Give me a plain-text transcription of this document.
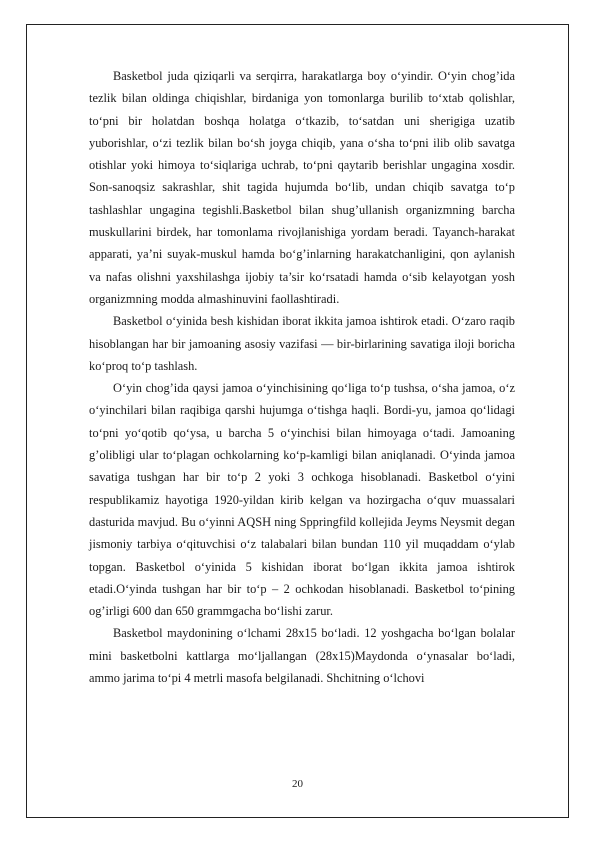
Basketbol juda qiziqarli va serqirra, harakatlarga boy o‘yindir. O‘yin chog’ida tezlik bilan oldinga chiqishlar, birdaniga yon tomonlarga burilib to‘xtab qolishlar, to‘pni bir holatdan boshqa holatga o‘tkazib, to‘satdan uni sherigiga uzatib yuborishlar, o‘zi tezlik bilan bo‘sh joyga chiqib, yana o‘sha to‘pni ilib olib savatga otishlar yoki himoya to‘siqlariga uchrab, to‘pni qaytarib berishlar ungagina xosdir. Son-sanoqsiz sakrashlar, shit tagida hujumda bo‘lib, undan chiqib savatga to‘p tashlashlar ungagina tegishli.Basketbol bilan shug’ullanish organizmning barcha muskullarini birdek, har tomonlama rivojlanishiga yordam beradi. Tayanch-harakat apparati, ya’ni suyak-muskul hamda bo‘g’inlarning harakatchanligini, qon aylanish va nafas olishni yaxshilashga ijobiy ta’sir ko‘rsatadi hamda o‘sib kelayotgan yosh organizmning modda almashinuvini faollashtiradi.

Basketbol o‘yinida besh kishidan iborat ikkita jamoa ishtirok etadi. O‘zaro raqib hisoblangan har bir jamoaning asosiy vazifasi — bir-birlarining savatiga iloji boricha ko‘proq to‘p tashlash.

O‘yin chog’ida qaysi jamoa o‘yinchisining qo‘liga to‘p tushsa, o‘sha jamoa, o‘z o‘yinchilari bilan raqibiga qarshi hujumga o‘tishga haqli. Bordi-yu, jamoa qo‘lidagi to‘pni yo‘qotib qo‘ysa, u barcha 5 o‘yinchisi bilan himoyaga o‘tadi. Jamoaning g’olibligi ular to‘plagan ochkolarning ko‘p-kamligi bilan aniqlanadi. O‘yinda jamoa savatiga tushgan har bir to‘p 2 yoki 3 ochkoga hisoblanadi. Basketbol o‘yini respublikamiz hayotiga 1920-yildan kirib kelgan va hozirgacha o‘quv muassalari dasturida mavjud. Bu o‘yinni AQSH ning Sppringfild kollejida Jeyms Neysmit degan jismoniy tarbiya o‘qituvchisi o‘z talabalari bilan bundan 110 yil muqaddam o‘ylab topgan. Basketbol o‘yinida 5 kishidan iborat bo‘lgan ikkita jamoa ishtirok etadi.O‘yinda tushgan har bir to‘p – 2 ochkodan hisoblanadi. Basketbol to‘pining og’irligi 600 dan 650 grammgacha bo‘lishi zarur.

Basketbol maydonining o‘lchami 28x15 bo‘ladi. 12 yoshgacha bo‘lgan bolalar mini basketbolni kattlarga mo‘ljallangan (28x15)Maydonda o‘ynasalar bo‘ladi, ammo jarima to‘pi 4 metrli masofa belgilanadi. Shchitning o‘lchovi

20
